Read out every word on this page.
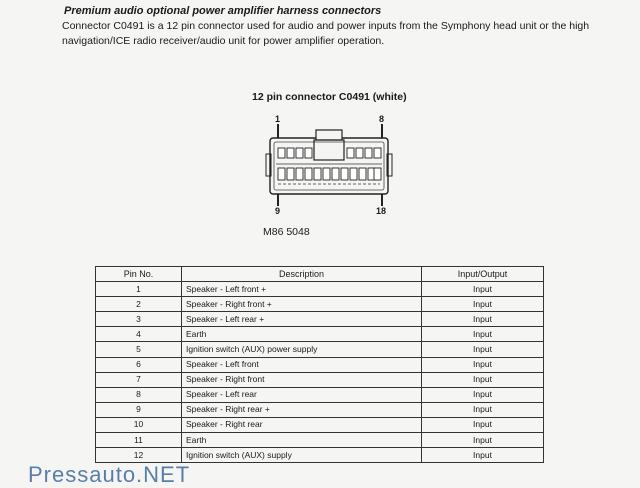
Premium audio optional power amplifier harness connectors
Connector C0491 is a 12 pin connector used for audio and power inputs from the Symphony head unit or the high navigation/ICE radio receiver/audio unit for power amplifier operation.
12 pin connector C0491 (white)
1	8
9	18
M86 5048
Pin No.	Description	Input/Output
1	Speaker - Left front +	Input
2	Speaker - Right front +	Input
3	Speaker - Left rear +	Input
4	Earth	Input
5	Ignition switch (AUX) power supply	Input
6	Speaker - Left front	Input
7	Speaker - Right front	Input
8	Speaker - Left rear	Input
9	Speaker - Right rear +	Input
10	Speaker - Right rear	Input
11	Earth	Input
12	Ignition switch (AUX) supply	Input
Pressauto.NET
